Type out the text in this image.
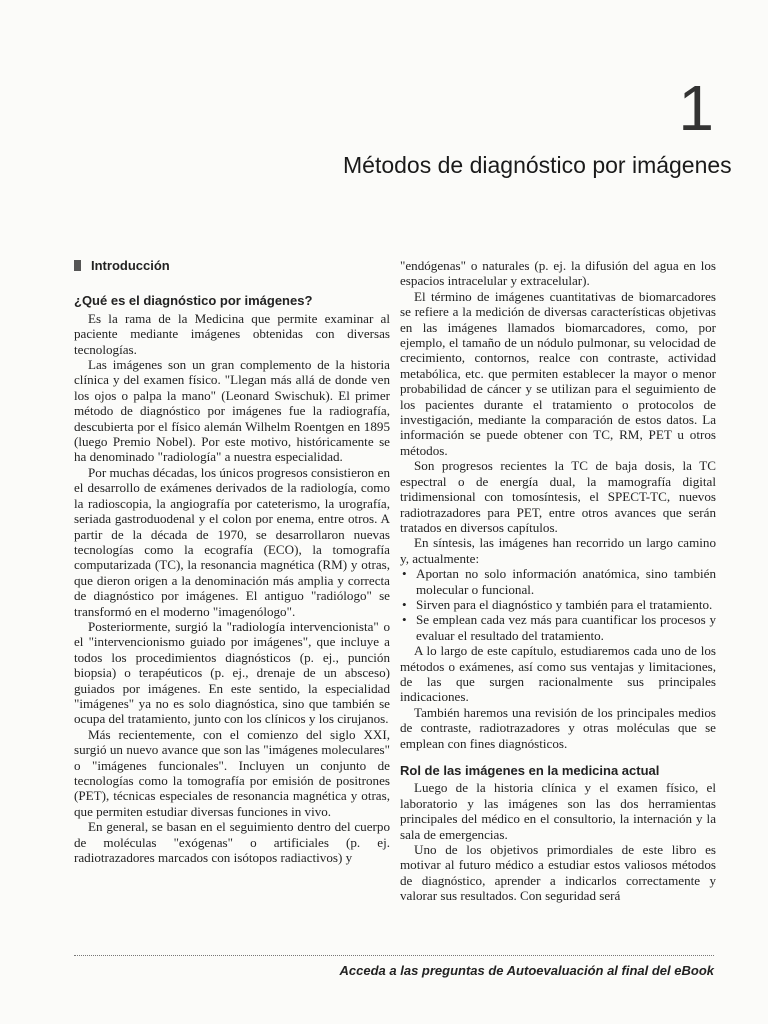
1
Métodos de diagnóstico por imágenes
Introducción
¿Qué es el diagnóstico por imágenes?

Es la rama de la Medicina que permite examinar al paciente mediante imágenes obtenidas con diversas tecnologías.

Las imágenes son un gran complemento de la historia clínica y del examen físico. "Llegan más allá de donde ven los ojos o palpa la mano" (Leonard Swischuk). El primer método de diagnóstico por imágenes fue la radiografía, descubierta por el físico alemán Wilhelm Roentgen en 1895 (luego Premio Nobel). Por este motivo, históricamente se ha denominado "radiología" a nuestra especialidad.

Por muchas décadas, los únicos progresos consistieron en el desarrollo de exámenes derivados de la radiología, como la radioscopia, la angiografía por cateterismo, la urografía, seriada gastroduodenal y el colon por enema, entre otros. A partir de la década de 1970, se desarrollaron nuevas tecnologías como la ecografía (ECO), la tomografía computarizada (TC), la resonancia magnética (RM) y otras, que dieron origen a la denominación más amplia y correcta de diagnóstico por imágenes. El antiguo "radiólogo" se transformó en el moderno "imagenólogo".

Posteriormente, surgió la "radiología intervencionista" o el "intervencionismo guiado por imágenes", que incluye a todos los procedimientos diagnósticos (p. ej., punción biopsia) o terapéuticos (p. ej., drenaje de un absceso) guiados por imágenes. En este sentido, la especialidad "imágenes" ya no es solo diagnóstica, sino que también se ocupa del tratamiento, junto con los clínicos y los cirujanos.

Más recientemente, con el comienzo del siglo XXI, surgió un nuevo avance que son las "imágenes moleculares" o "imágenes funcionales". Incluyen un conjunto de tecnologías como la tomografía por emisión de positrones (PET), técnicas especiales de resonancia magnética y otras, que permiten estudiar diversas funciones in vivo.

En general, se basan en el seguimiento dentro del cuerpo de moléculas "exógenas" o artificiales (p. ej. radiotrazadores marcados con isótopos radiactivos) y

"endógenas" o naturales (p. ej. la difusión del agua en los espacios intracelular y extracelular).

El término de imágenes cuantitativas de biomarcadores se refiere a la medición de diversas características objetivas en las imágenes llamados biomarcadores, como, por ejemplo, el tamaño de un nódulo pulmonar, su velocidad de crecimiento, contornos, realce con contraste, actividad metabólica, etc. que permiten establecer la mayor o menor probabilidad de cáncer y se utilizan para el seguimiento de los pacientes durante el tratamiento o protocolos de investigación, mediante la comparación de estos datos. La información se puede obtener con TC, RM, PET u otros métodos.

Son progresos recientes la TC de baja dosis, la TC espectral o de energía dual, la mamografía digital tridimensional con tomosíntesis, el SPECT-TC, nuevos radiotrazadores para PET, entre otros avances que serán tratados en diversos capítulos.

En síntesis, las imágenes han recorrido un largo camino y, actualmente:

• Aportan no solo información anatómica, sino también molecular o funcional.
• Sirven para el diagnóstico y también para el tratamiento.
• Se emplean cada vez más para cuantificar los procesos y evaluar el resultado del tratamiento.

A lo largo de este capítulo, estudiaremos cada uno de los métodos o exámenes, así como sus ventajas y limitaciones, de las que surgen racionalmente sus principales indicaciones.

También haremos una revisión de los principales medios de contraste, radiotrazadores y otras moléculas que se emplean con fines diagnósticos.

Rol de las imágenes en la medicina actual

Luego de la historia clínica y el examen físico, el laboratorio y las imágenes son las dos herramientas principales del médico en el consultorio, la internación y la sala de emergencias.

Uno de los objetivos primordiales de este libro es motivar al futuro médico a estudiar estos valiosos métodos de diagnóstico, aprender a indicarlos correctamente y valorar sus resultados. Con seguridad será

Acceda a las preguntas de Autoevaluación al final del eBook
